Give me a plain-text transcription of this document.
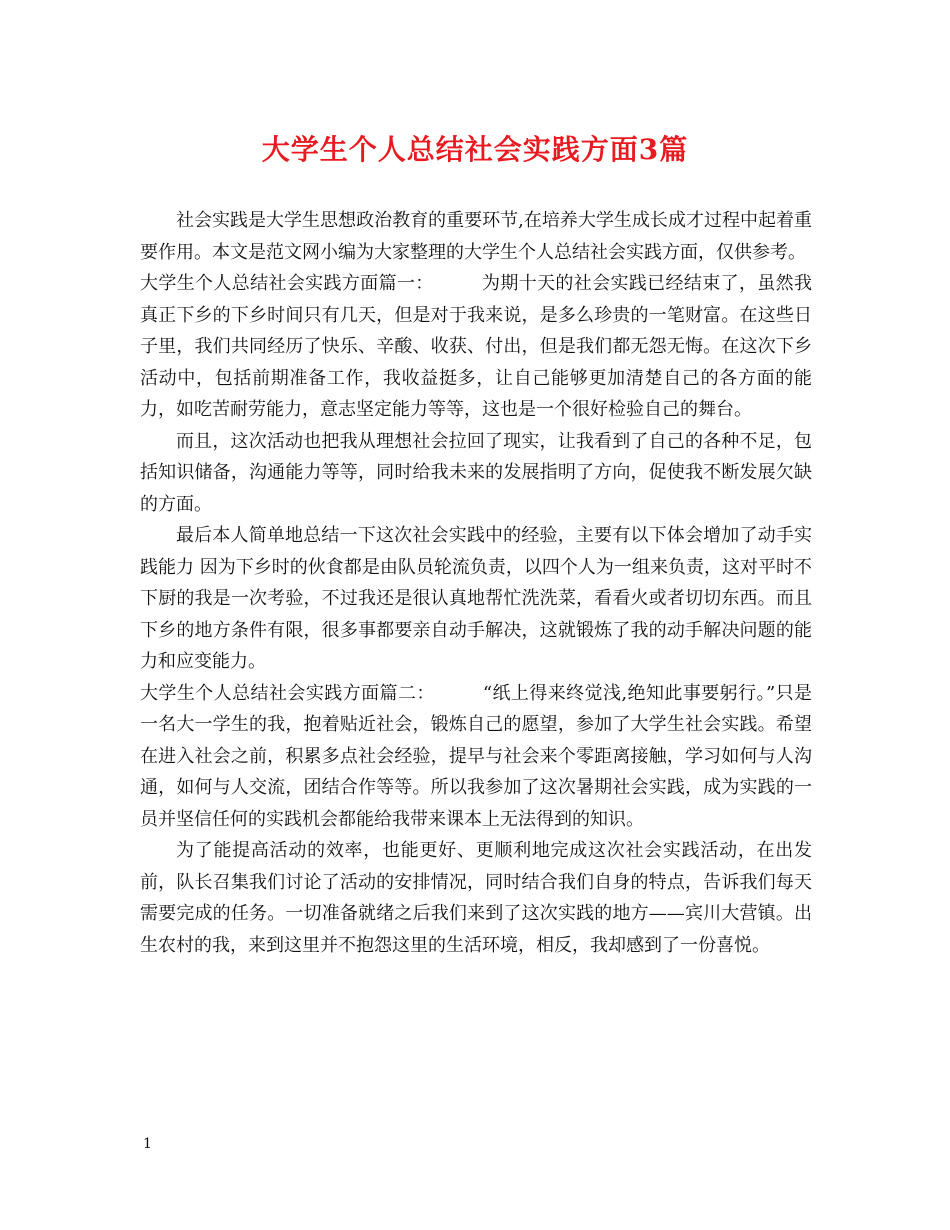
大学生个人总结社会实践方面3篇

社会实践是大学生思想政治教育的重要环节,在培养大学生成长成才过程中起着重要作用。本文是范文网小编为大家整理的大学生个人总结社会实践方面，仅供参考。

大学生个人总结社会实践方面篇一：	为期十天的社会实践已经结束了，虽然我真正下乡的下乡时间只有几天，但是对于我来说，是多么珍贵的一笔财富。在这些日子里，我们共同经历了快乐、辛酸、收获、付出，但是我们都无怨无悔。在这次下乡活动中，包括前期准备工作，我收益挺多，让自己能够更加清楚自己的各方面的能力，如吃苦耐劳能力，意志坚定能力等等，这也是一个很好检验自己的舞台。

而且，这次活动也把我从理想社会拉回了现实，让我看到了自己的各种不足，包括知识储备，沟通能力等等，同时给我未来的发展指明了方向，促使我不断发展欠缺的方面。

最后本人简单地总结一下这次社会实践中的经验，主要有以下体会增加了动手实践能力 因为下乡时的伙食都是由队员轮流负责，以四个人为一组来负责，这对平时不下厨的我是一次考验，不过我还是很认真地帮忙洗洗菜，看看火或者切切东西。而且下乡的地方条件有限，很多事都要亲自动手解决，这就锻炼了我的动手解决问题的能力和应变能力。

大学生个人总结社会实践方面篇二：	“纸上得来终觉浅,绝知此事要躬行。”只是一名大一学生的我，抱着贴近社会，锻炼自己的愿望，参加了大学生社会实践。希望在进入社会之前，积累多点社会经验，提早与社会来个零距离接触，学习如何与人沟通，如何与人交流，团结合作等等。所以我参加了这次暑期社会实践，成为实践的一员并坚信任何的实践机会都能给我带来课本上无法得到的知识。

为了能提高活动的效率，也能更好、更顺利地完成这次社会实践活动，在出发前，队长召集我们讨论了活动的安排情况，同时结合我们自身的特点，告诉我们每天需要完成的任务。一切准备就绪之后我们来到了这次实践的地方——宾川大营镇。出生农村的我，来到这里并不抱怨这里的生活环境，相反，我却感到了一份喜悦。

1
